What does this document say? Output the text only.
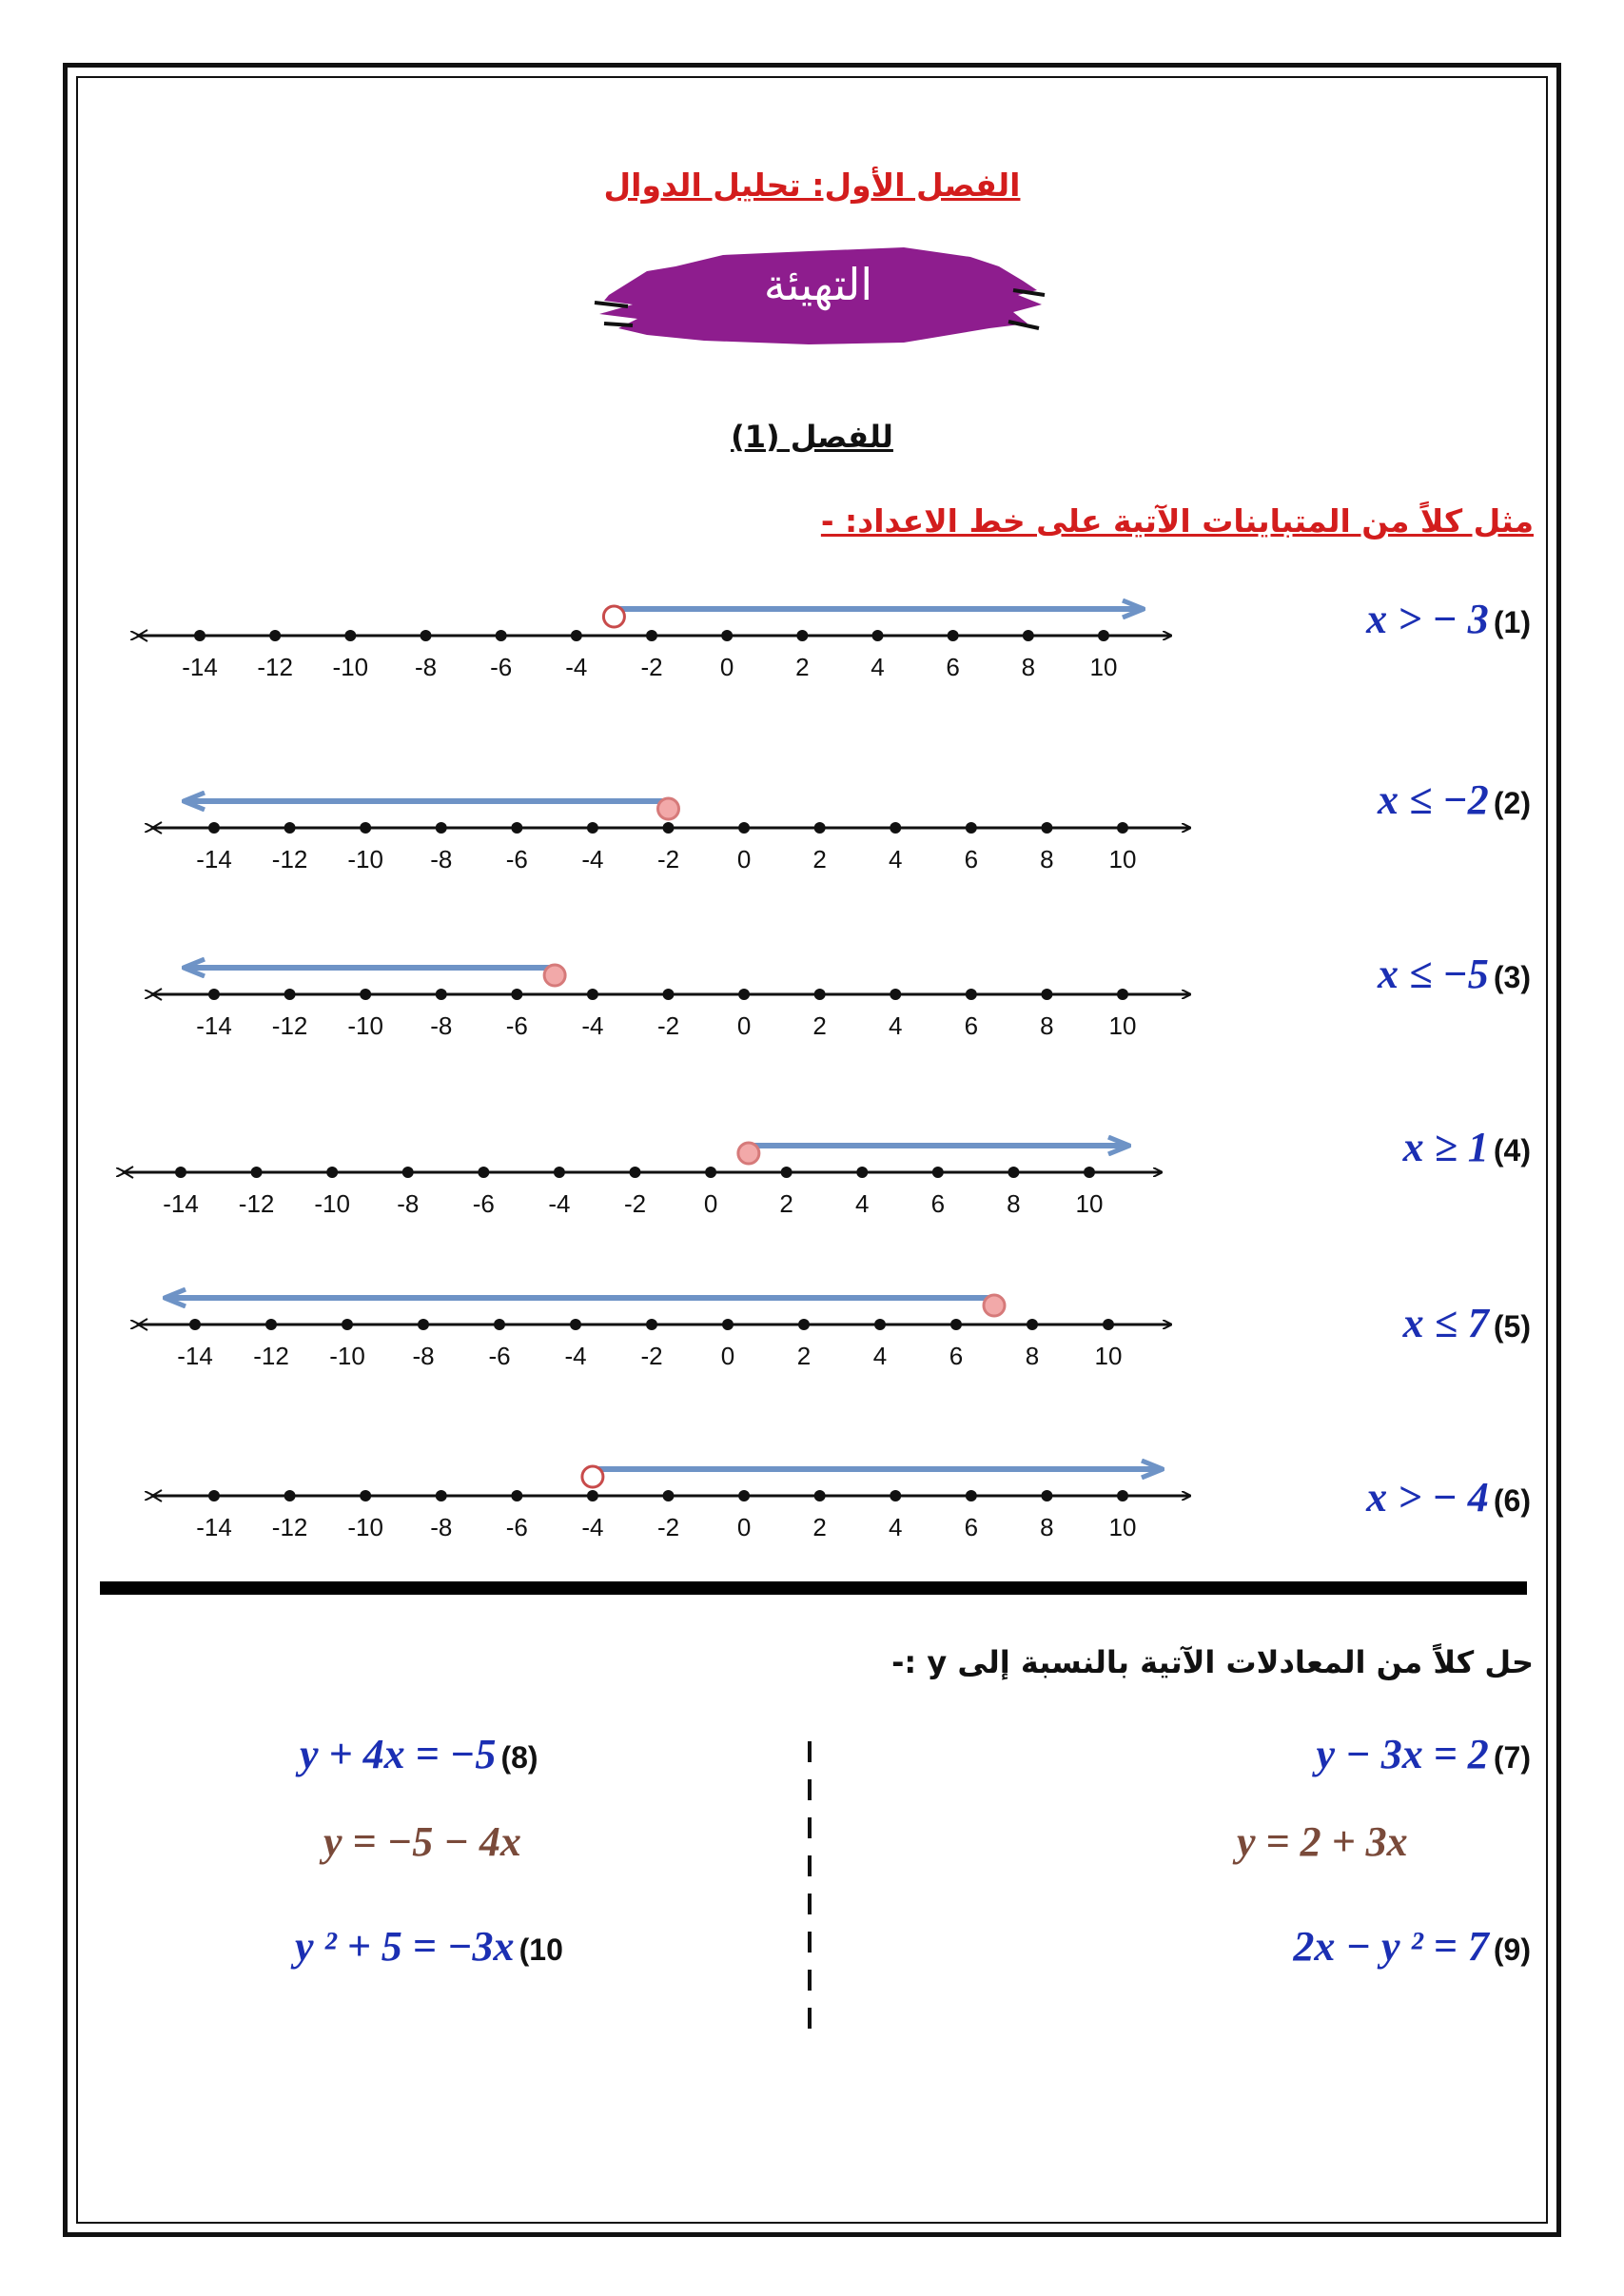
الفصل الأول: تحليل الدوال
التهيئة
للفصل (1)
مثل كلاً من المتباينات الآتية على خط الاعداد: -
-14 -12 -10 -8 -6 -4 -2 0 2 4 6 8 10
-14 -12 -10 -8 -6 -4 -2 0	2	4	6	8 10
-14 -12 -10 -8 -6 -4 -2 0	2	4	6	8 10
-14 -12 -10 -8 -6 -4 -2 0	2	4	6	8 10
-14 -12 -10 -8 -6 -4 -2 0	2	4	6	8 10
-14 -12 -10 -8 -6 -4 -2 0	2	4	6	8 10
x > − 3 (1)
x ≤ −2 (2)
x ≤ −5 (3)
x ≥ 1 (4)
x ≤ 7 (5)
x > − 4 (6)
حل كلاً من المعادلات الآتية بالنسبة إلى y :-
y − 3x = 2 (7)
y = 2 + 3x
2x − y ² = 7 (9)
y + 4x = −5 (8)
y = −5 − 4x
y ² + 5 = −3x (10
